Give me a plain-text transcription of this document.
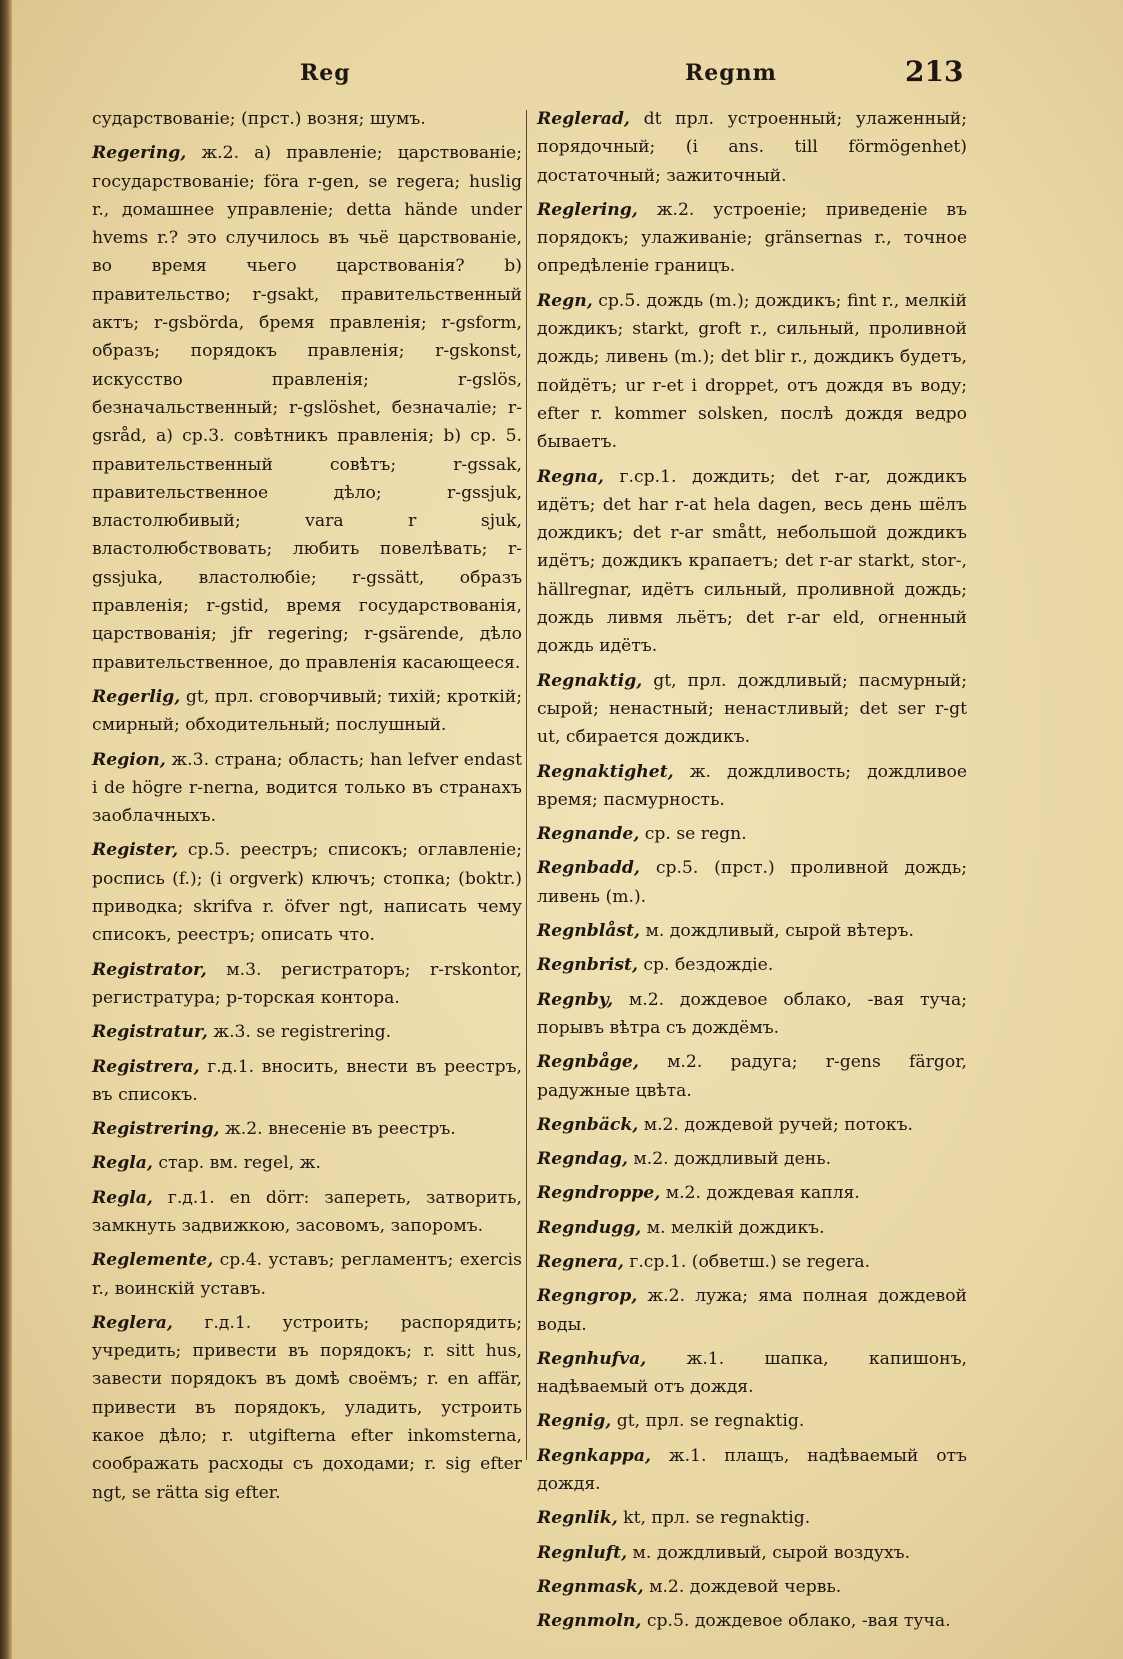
Reg	Regnm	213

сударствованіе; (прст.) возня; шумъ.

Regering, ж.2. a) правленіе; царствованіе; государствованіе; föra r-gen, se regera; huslig r., домашнее управленіе; detta hände under hvems r.? это случилось въ чьё царствованіе, во время чьего царствованія? b) правительство; r-gsakt, правительственный актъ; r-gsbörda, бремя правленія; r-gsform, образъ; порядокъ правленія; r-gskonst, искусство правленія; r-gslös, безначальственный; r-gslöshet, безначаліе; r-gsråd, a) ср.3. совѣтникъ правленія; b) ср. 5. правительственный совѣтъ; r-gssak, правительственное дѣло; r-gssjuk, властолюбивый; vara r sjuk, властолюбствовать; любить повелѣвать; r-gssjuka, властолюбіе; r-gssätt, образъ правленія; r-gstid, время государствованія, царствованія; jfr regering; r-gsärende, дѣло правительственное, до правленія касающееся.

Regerlig, gt, прл. сговорчивый; тихій; кроткій; смирный; обходительный; послушный.

Region, ж.3. страна; область; han lefver endast i de högre r-nerna, водится только въ странахъ заоблачныхъ.

Register, ср.5. реестръ; списокъ; оглавленіе; роспись (f.); (i orgverk) ключъ; стопка; (boktr.) приводка; skrifva r. öfver ngt, написать чему списокъ, реестръ; описать что.

Registrator, м.3. регистраторъ; r-rskontor, регистратура; р-торская контора.

Registratur, ж.3. se registrering.

Registrera, г.д.1. вносить, внести въ реестръ, въ списокъ.

Registrering, ж.2. внесеніе въ реестръ.

Regla, стар. вм. regel, ж.

Regla, г.д.1. en dörr: запереть, затворить, замкнуть задвижкою, засовомъ, запоромъ.

Reglemente, ср.4. уставъ; регламентъ; exercis r., воинскій уставъ.

Reglera, г.д.1. устроить; распорядить; учредить; привести въ порядокъ; r. sitt hus, завести порядокъ въ домѣ своёмъ; r. en affär, привести въ порядокъ, уладить, устроить какое дѣло; r. utgifterna efter inkomsterna, соображать расходы съ доходами; r. sig efter ngt, se rätta sig efter.

Reglerad, dt прл. устроенный; улаженный; порядочный; (i ans. till förmögenhet) достаточный; зажиточный.

Reglering, ж.2. устроеніе; приведеніе въ порядокъ; улаживаніе; gränsernas r., точное опредѣленіе границъ.

Regn, ср.5. дождь (m.); дождикъ; fint r., мелкій дождикъ; starkt, groft r., сильный, проливной дождь; ливень (m.); det blir r., дождикъ будетъ, пойдётъ; ur r-et i droppet, отъ дождя въ воду; efter r. kommer solsken, послѣ дождя ведро бываетъ.

Regna, г.ср.1. дождить; det r-ar, дождикъ идётъ; det har r-at hela dagen, весь день шёлъ дождикъ; det r-ar smått, небольшой дождикъ идётъ; дождикъ крапаетъ; det r-ar starkt, stor-, hällregnar, идётъ сильный, проливной дождь; дождь ливмя льётъ; det r-ar eld, огненный дождь идётъ.

Regnaktig, gt, прл. дождливый; пасмурный; сырой; ненастный; ненастливый; det ser r-gt ut, сбирается дождикъ.

Regnaktighet, ж. дождливость; дождливое время; пасмурность.

Regnande, ср. se regn.

Regnbadd, ср.5. (прст.) проливной дождь; ливень (m.).

Regnblåst, м. дождливый, сырой вѣтеръ.

Regnbrist, ср. бездождіе.

Regnby, м.2. дождевое облако, -вая туча; порывъ вѣтра съ дождёмъ.

Regnbåge, м.2. радуга; r-gens färgor, радужные цвѣта.

Regnbäck, м.2. дождевой ручей; потокъ.

Regndag, м.2. дождливый день.

Regndroppe, м.2. дождевая капля.

Regndugg, м. мелкій дождикъ.

Regnera, г.ср.1. (обветш.) se regera.

Regngrop, ж.2. лужа; яма полная дождевой воды.

Regnhufva, ж.1. шапка, капишонъ, надѣваемый отъ дождя.

Regnig, gt, прл. se regnaktig.

Regnkappa, ж.1. плащъ, надѣваемый отъ дождя.

Regnlik, kt, прл. se regnaktig.

Regnluft, м. дождливый, сырой воздухъ.

Regnmask, м.2. дождевой червь.

Regnmoln, ср.5. дождевое облако, -вая туча.
